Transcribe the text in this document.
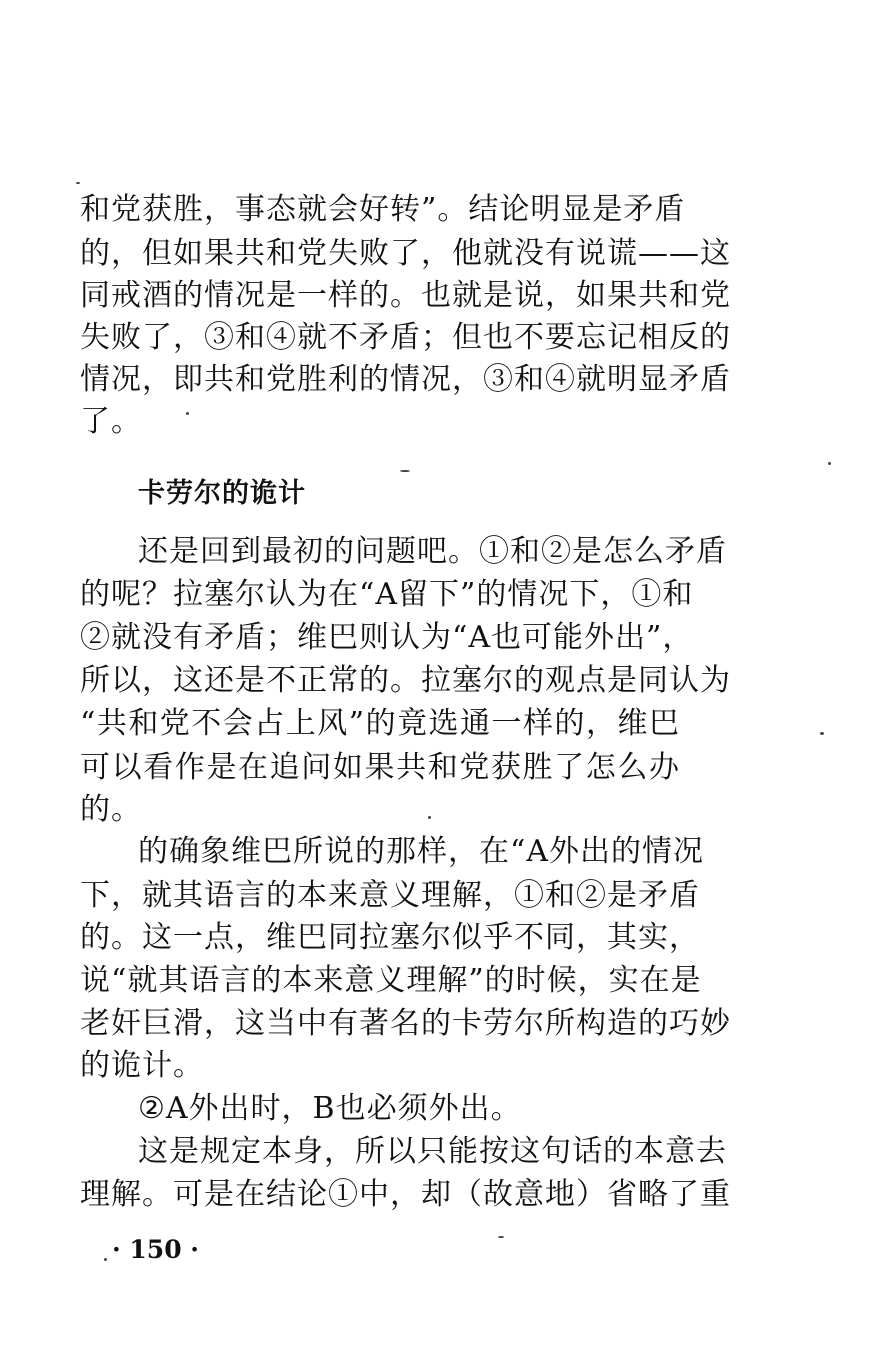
和党获胜，事态就会好转”。结论明显是矛盾
的，但如果共和党失败了，他就没有说谎——这
同戒酒的情况是一样的。也就是说，如果共和党
失败了，③和④就不矛盾；但也不要忘记相反的
情况，即共和党胜利的情况，③和④就明显矛盾
了。
卡劳尔的诡计
还是回到最初的问题吧。①和②是怎么矛盾
的呢？拉塞尔认为在“A留下”的情况下，①和
②就没有矛盾；维巴则认为“A也可能外出”，
所以，这还是不正常的。拉塞尔的观点是同认为
“共和党不会占上风”的竟选通一样的，维巴
可以看作是在追问如果共和党获胜了怎么办
的。
的确象维巴所说的那样，在“A外出的情况
下，就其语言的本来意义理解，①和②是矛盾
的。这一点，维巴同拉塞尔似乎不同，其实，
说“就其语言的本来意义理解”的时候，实在是
老奸巨滑，这当中有著名的卡劳尔所构造的巧妙
的诡计。
②A外出时，B也必须外出。
这是规定本身，所以只能按这句话的本意去
理解。可是在结论①中，却（故意地）省略了重
· 150 ·
